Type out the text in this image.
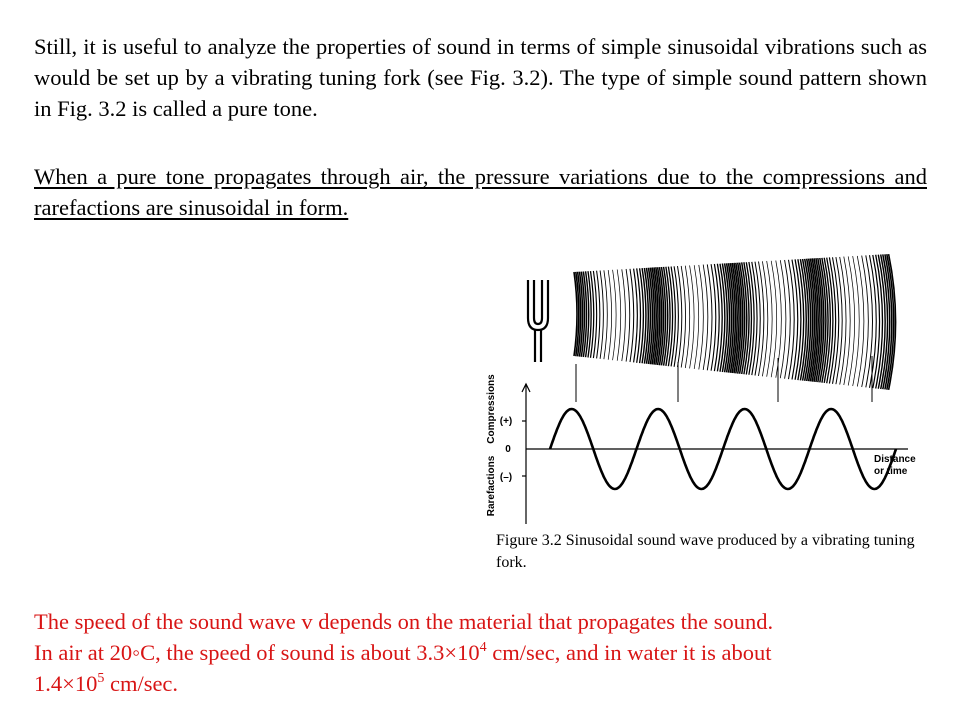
Still, it is useful to analyze the properties of sound in terms of simple sinusoidal vibrations such as would be set up by a vibrating tuning fork (see Fig. 3.2). The type of simple sound pattern shown in Fig. 3.2 is called a pure tone.

When a pure tone propagates through air, the pressure variations due to the compressions and rarefactions are sinusoidal in form.

Compressions
Rarefactions
(+)
0
(–)
Distance
or time
Figure 3.2 Sinusoidal sound wave produced by a vibrating tuning fork.

The speed of the sound wave v depends on the material that propagates the sound.
In air at 20◦C, the speed of sound is about $3.3\times 10^4$ cm/sec, and in water it is about
$1.4\times 10^5$ cm/sec.
